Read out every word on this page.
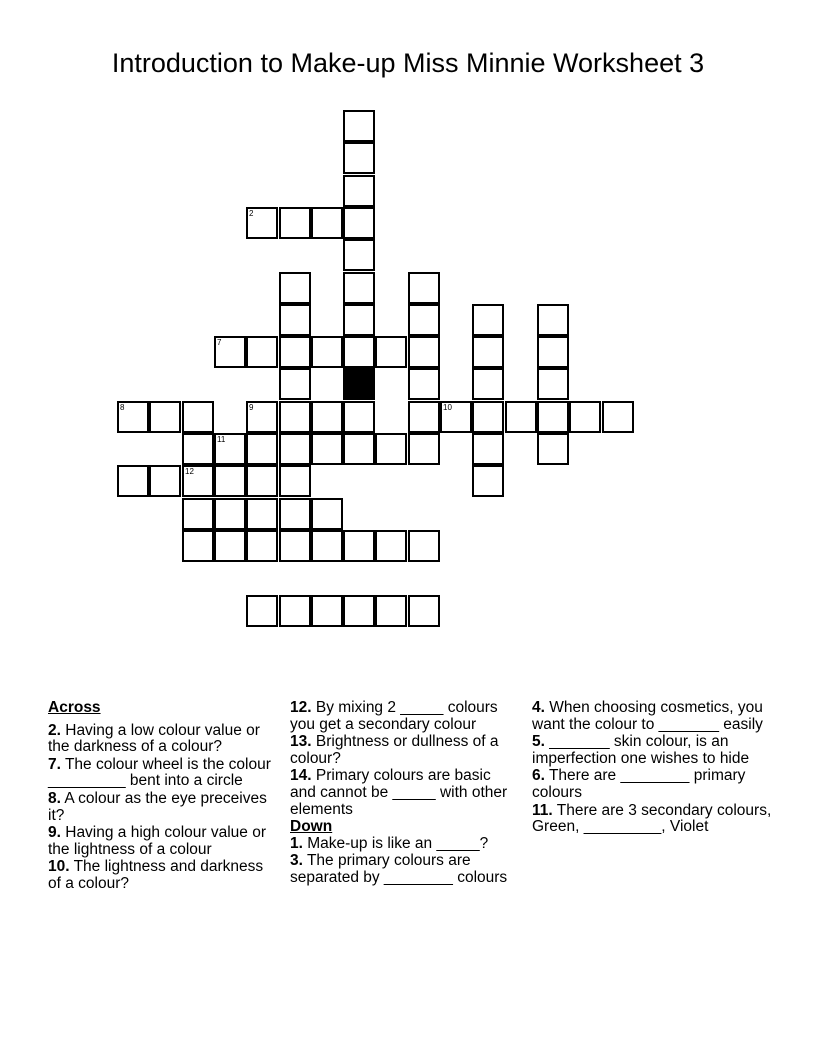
Introduction to Make-up Miss Minnie Worksheet 3
2
7
8	9	10
11
12
Across
2. Having a low colour value or the darkness of a colour?
7. The colour wheel is the colour _________ bent into a circle
8. A colour as the eye preceives it?
9. Having a high colour value or the lightness of a colour
10. The lightness and darkness of a colour?
12. By mixing 2 _____ colours you get a secondary colour
13. Brightness or dullness of a colour?
14. Primary colours are basic and cannot be _____ with other elements
Down
1. Make-up is like an _____?
3. The primary colours are separated by ________ colours
4. When choosing cosmetics, you want the colour to _______ easily
5. _______ skin colour, is an imperfection one wishes to hide
6. There are ________ primary colours
11. There are 3 secondary colours, Green, _________, Violet
